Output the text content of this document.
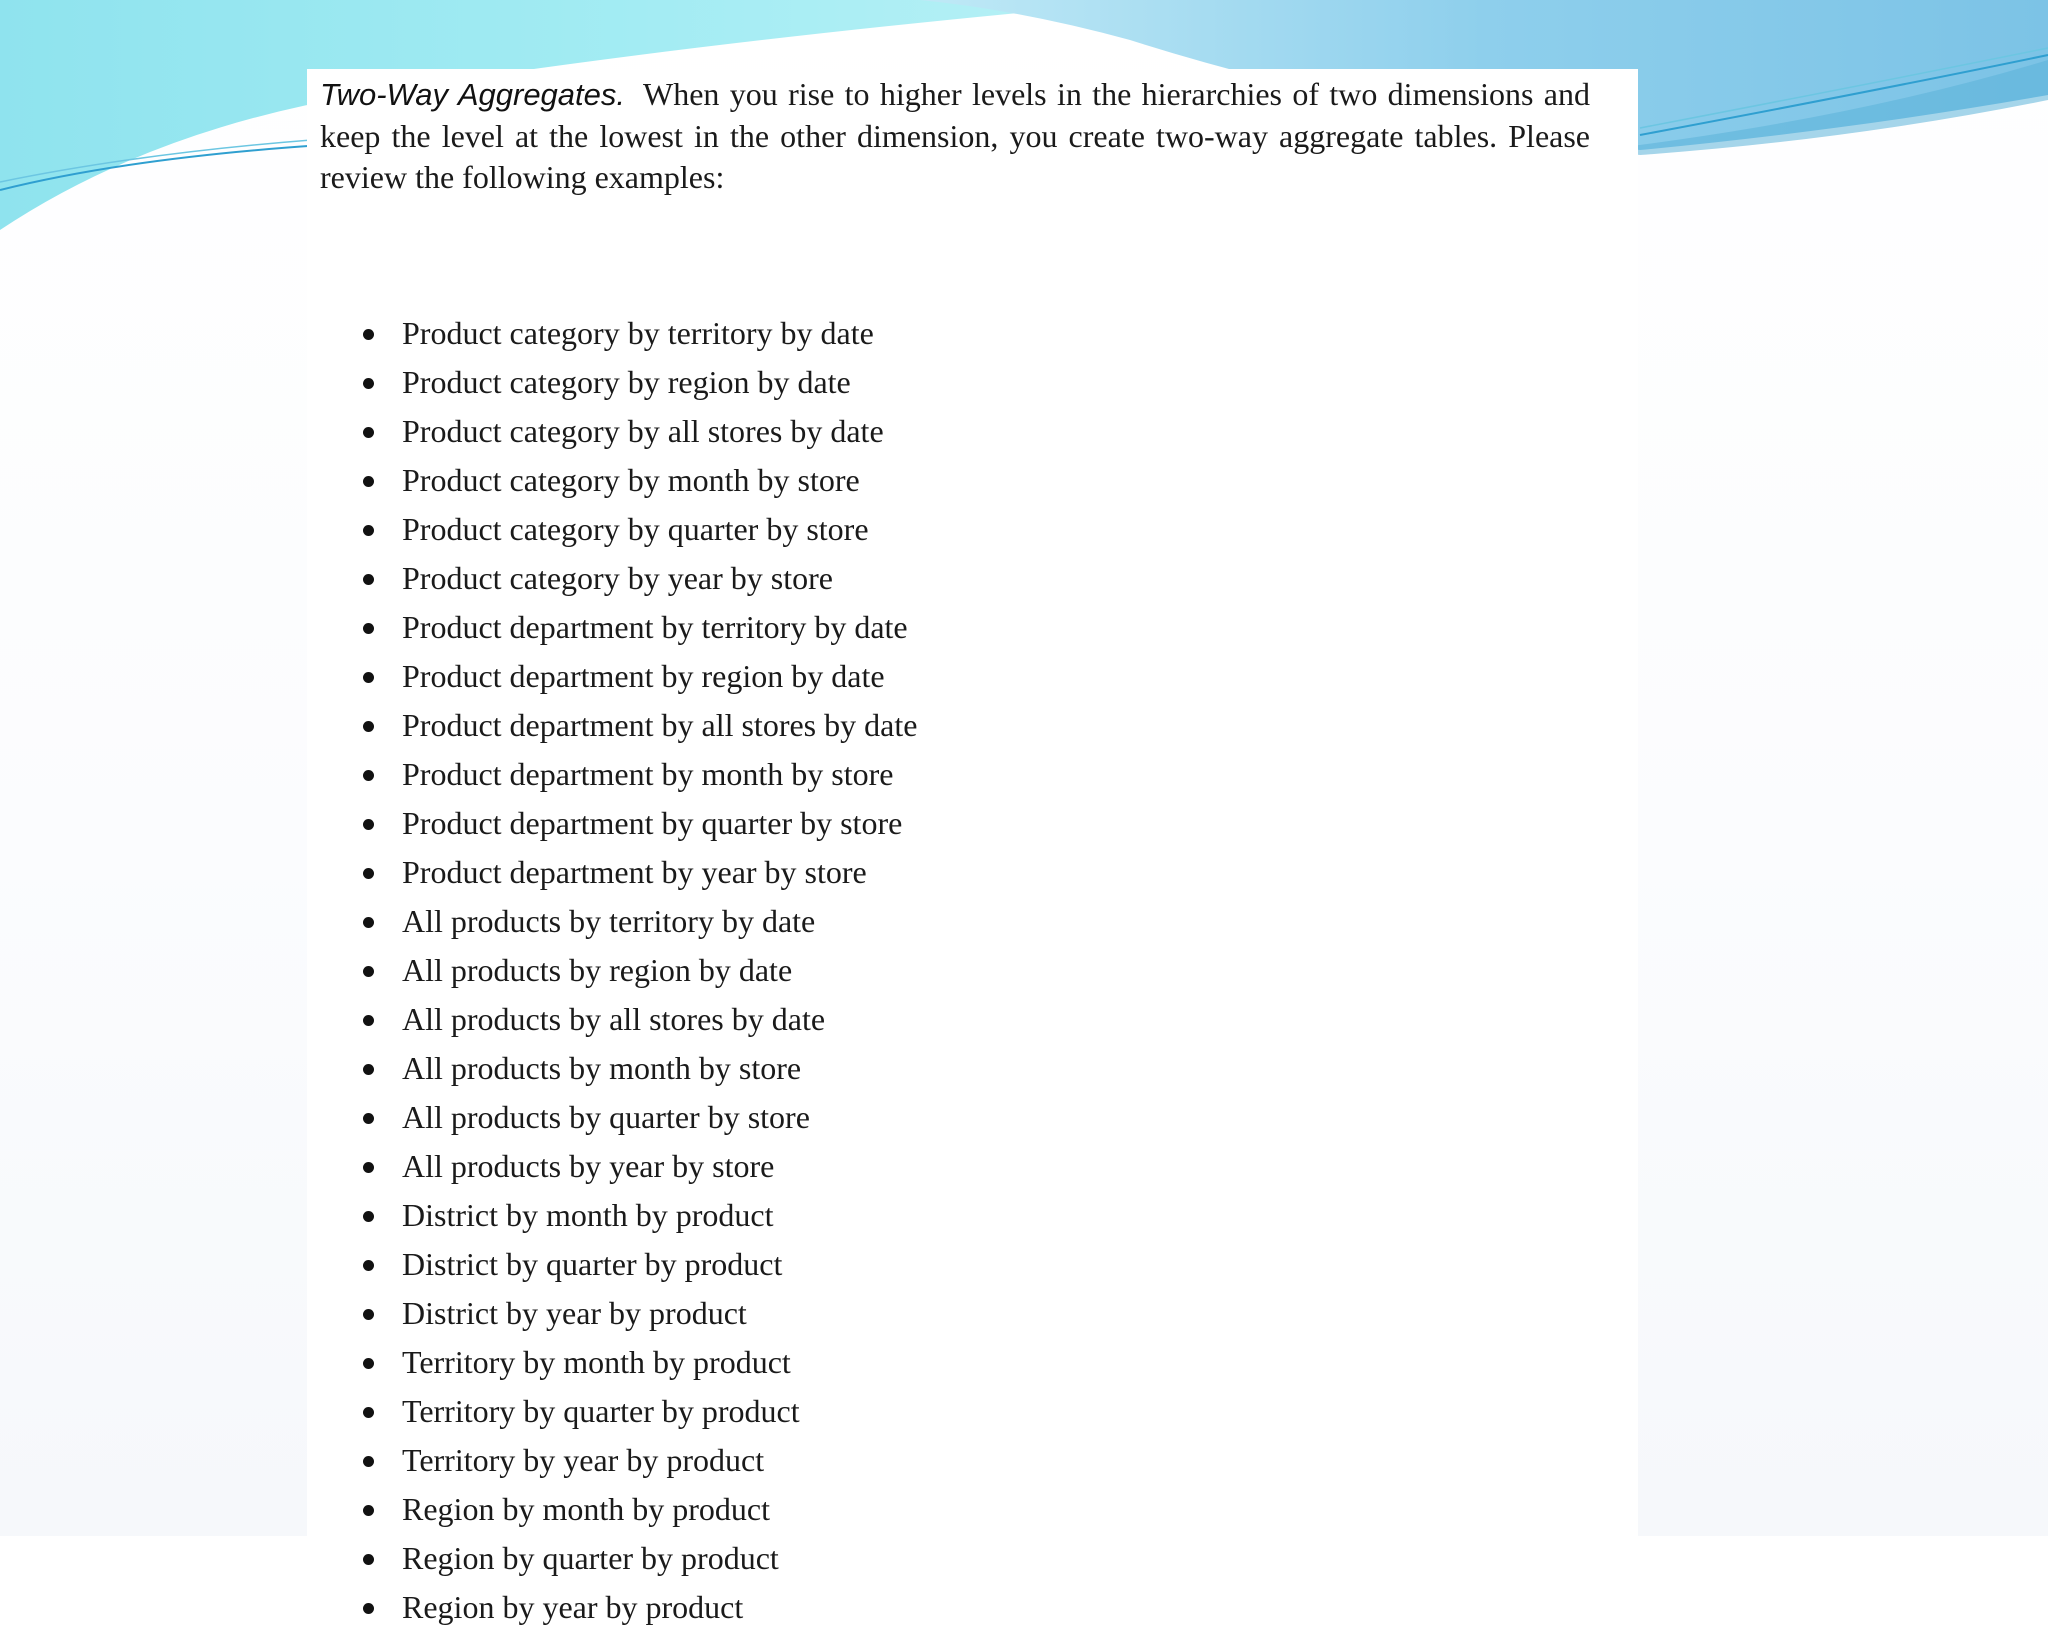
Two-Way Aggregates. When you rise to higher levels in the hierarchies of two dimensions and keep the level at the lowest in the other dimension, you create two-way aggregate tables. Please review the following examples:

Product category by territory by date
Product category by region by date
Product category by all stores by date
Product category by month by store
Product category by quarter by store
Product category by year by store
Product department by territory by date
Product department by region by date
Product department by all stores by date
Product department by month by store
Product department by quarter by store
Product department by year by store
All products by territory by date
All products by region by date
All products by all stores by date
All products by month by store
All products by quarter by store
All products by year by store
District by month by product
District by quarter by product
District by year by product
Territory by month by product
Territory by quarter by product
Territory by year by product
Region by month by product
Region by quarter by product
Region by year by product
